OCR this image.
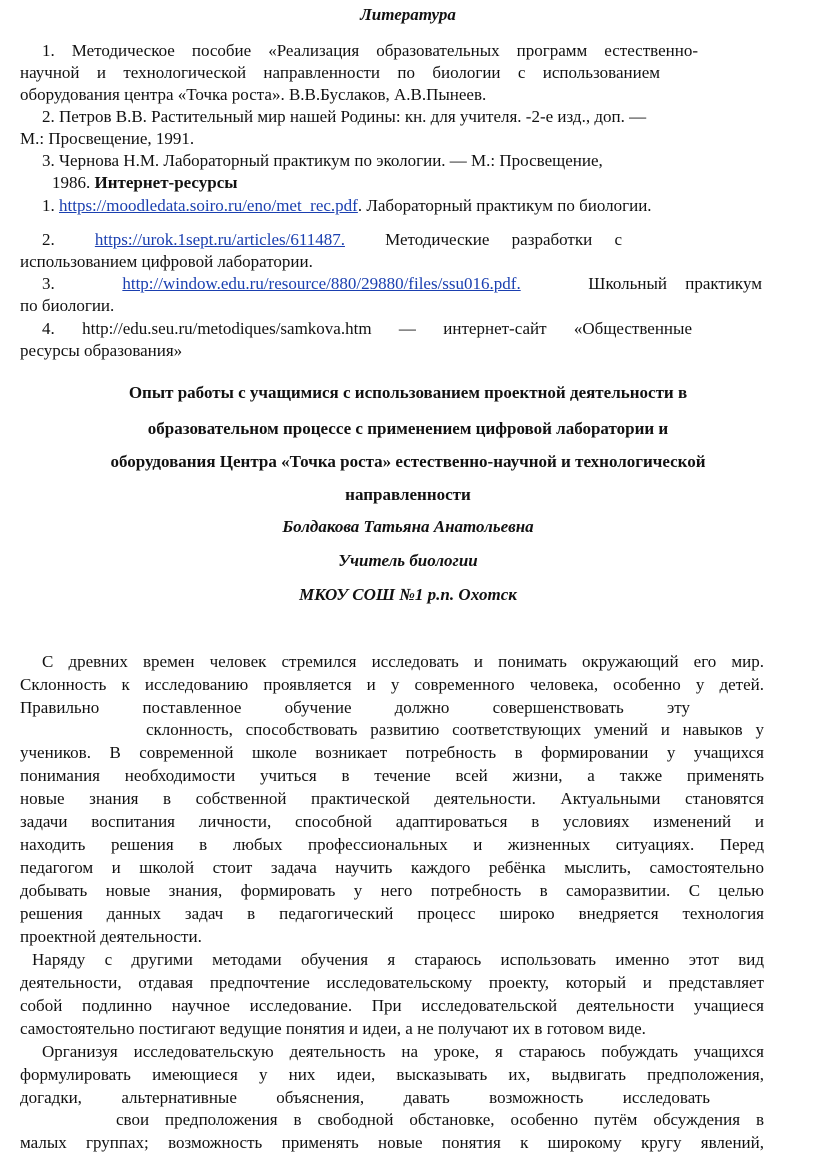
Литература
1. Методическое пособие «Реализация образовательных программ естественно-
научной и технологической направленности по биологии с использованием
оборудования центра «Точка роста». В.В.Буслаков, А.В.Пынеев.
2. Петров В.В. Растительный мир нашей Родины: кн. для учителя. -2-е изд., доп. —
М.: Просвещение, 1991.
3. Чернова Н.М. Лабораторный практикум по экологии. — М.: Просвещение,
1986. Интернет-ресурсы
1. https://moodledata.soiro.ru/eno/met_rec.pdf. Лабораторный практикум по биологии.
2. https://urok.1sept.ru/articles/611487. Методические разработки с
использованием цифровой лаборатории.
3.	http://window.edu.ru/resource/880/29880/files/ssu016.pdf.	Школьный практикум
по биологии.
4. http://edu.seu.ru/metodiques/samkova.htm — интернет-сайт «Общественные
ресурсы образования»
Опыт работы с учащимися с использованием проектной деятельности в
образовательном процессе с применением цифровой лаборатории и
оборудования Центра «Точка роста» естественно-научной и технологической
направленности
Болдакова Татьяна Анатольевна
Учитель биологии
МКОУ СОШ №1 р.п. Охотск
С древних времен человек стремился исследовать и понимать окружающий его мир.
Склонность к исследованию проявляется и у современного человека, особенно у детей.
Правильно поставленное обучение должно совершенствовать эту
склонность, способствовать развитию соответствующих умений и навыков у
учеников. В современной школе возникает потребность в формировании у учащихся
понимания необходимости учиться в течение всей жизни, а также применять
новые знания в собственной практической деятельности. Актуальными становятся
задачи воспитания личности, способной адаптироваться в условиях изменений и
находить решения в любых профессиональных и жизненных ситуациях. Перед
педагогом и школой стоит задача научить каждого ребёнка мыслить, самостоятельно
добывать новые знания, формировать у него потребность в саморазвитии. С целью
решения данных задач в педагогический процесс широко внедряется технология
проектной деятельности.
Наряду с другими методами обучения я стараюсь использовать именно этот вид
деятельности, отдавая предпочтение исследовательскому проекту, который и представляет
собой подлинно научное исследование. При исследовательской деятельности учащиеся
самостоятельно постигают ведущие понятия и идеи, а не получают их в готовом виде.
Организуя исследовательскую деятельность на уроке, я стараюсь побуждать учащихся
формулировать имеющиеся у них идеи, высказывать их, выдвигать предположения,
догадки, альтернативные объяснения, давать возможность исследовать
свои предположения в свободной обстановке, особенно путём обсуждения в
малых группах; возможность применять новые понятия к широкому кругу явлений,
